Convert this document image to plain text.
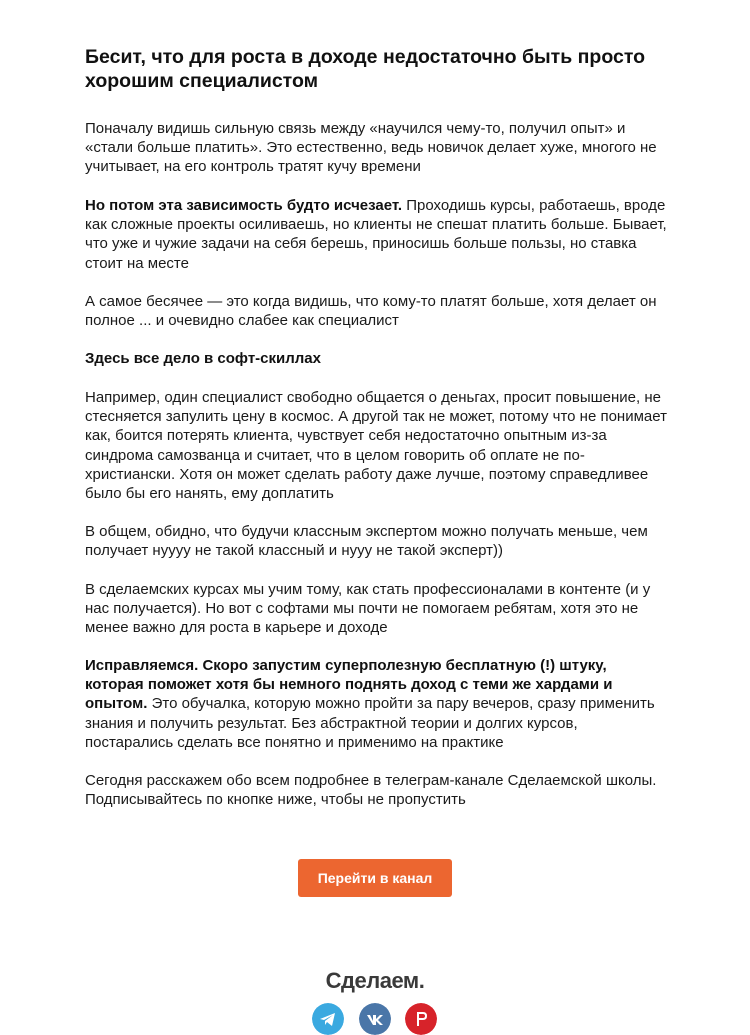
Бесит, что для роста в доходе недостаточно быть просто хорошим специалистом

Поначалу видишь сильную связь между «научился чему-то, получил опыт» и «стали больше платить». Это естественно, ведь новичок делает хуже, многого не учитывает, на его контроль тратят кучу времени

Но потом эта зависимость будто исчезает. Проходишь курсы, работаешь, вроде как сложные проекты осиливаешь, но клиенты не спешат платить больше. Бывает, что уже и чужие задачи на себя берешь, приносишь больше пользы, но ставка стоит на месте

А самое бесячее — это когда видишь, что кому-то платят больше, хотя делает он полное ... и очевидно слабее как специалист

Здесь все дело в софт-скиллах

Например, один специалист свободно общается о деньгах, просит повышение, не стесняется запулить цену в космос. А другой так не может, потому что не понимает как, боится потерять клиента, чувствует себя недостаточно опытным из-за синдрома самозванца и считает, что в целом говорить об оплате не по-христиански. Хотя он может сделать работу даже лучше, поэтому справедливее было бы его нанять, ему доплатить

В общем, обидно, что будучи классным экспертом можно получать меньше, чем получает нуууу не такой классный и нууу не такой эксперт))

В сделаемских курсах мы учим тому, как стать профессионалами в контенте (и у нас получается). Но вот с софтами мы почти не помогаем ребятам, хотя это не менее важно для роста в карьере и доходе

Исправляемся. Скоро запустим суперполезную бесплатную (!) штуку, которая поможет хотя бы немного поднять доход с теми же хардами и опытом. Это обучалка, которую можно пройти за пару вечеров, сразу применить знания и получить результат. Без абстрактной теории и долгих курсов, постарались сделать все понятно и применимо на практике

Сегодня расскажем обо всем подробнее в телеграм-канале Сделаемской школы. Подписывайтесь по кнопке ниже, чтобы не пропустить

Перейти в канал
Сделаем.
